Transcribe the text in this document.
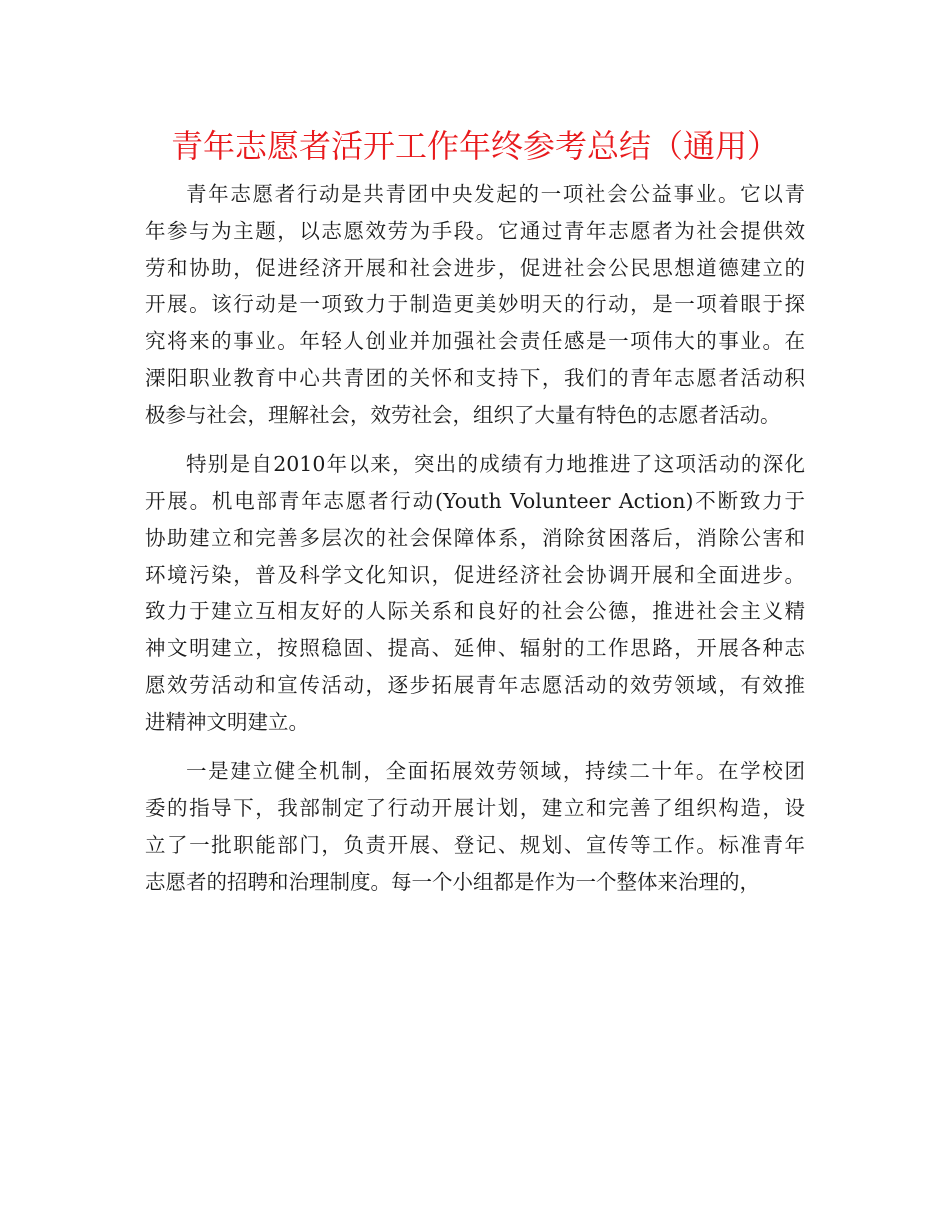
青年志愿者活开工作年终参考总结（通用）

青年志愿者行动是共青团中央发起的一项社会公益事业。它以青
年参与为主题，以志愿效劳为手段。它通过青年志愿者为社会提供效
劳和协助，促进经济开展和社会进步，促进社会公民思想道德建立的
开展。该行动是一项致力于制造更美妙明天的行动，是一项着眼于探
究将来的事业。年轻人创业并加强社会责任感是一项伟大的事业。在
溧阳职业教育中心共青团的关怀和支持下，我们的青年志愿者活动积
极参与社会，理解社会，效劳社会，组织了大量有特色的志愿者活动。

特别是自2010年以来，突出的成绩有力地推进了这项活动的深化
开展。机电部青年志愿者行动(Youth Volunteer Action)不断致力于
协助建立和完善多层次的社会保障体系，消除贫困落后，消除公害和
环境污染，普及科学文化知识，促进经济社会协调开展和全面进步。
致力于建立互相友好的人际关系和良好的社会公德，推进社会主义精
神文明建立，按照稳固、提高、延伸、辐射的工作思路，开展各种志
愿效劳活动和宣传活动，逐步拓展青年志愿活动的效劳领域，有效推
进精神文明建立。

一是建立健全机制，全面拓展效劳领域，持续二十年。在学校团
委的指导下，我部制定了行动开展计划，建立和完善了组织构造，设
立了一批职能部门，负责开展、登记、规划、宣传等工作。标准青年
志愿者的招聘和治理制度。每一个小组都是作为一个整体来治理的，
